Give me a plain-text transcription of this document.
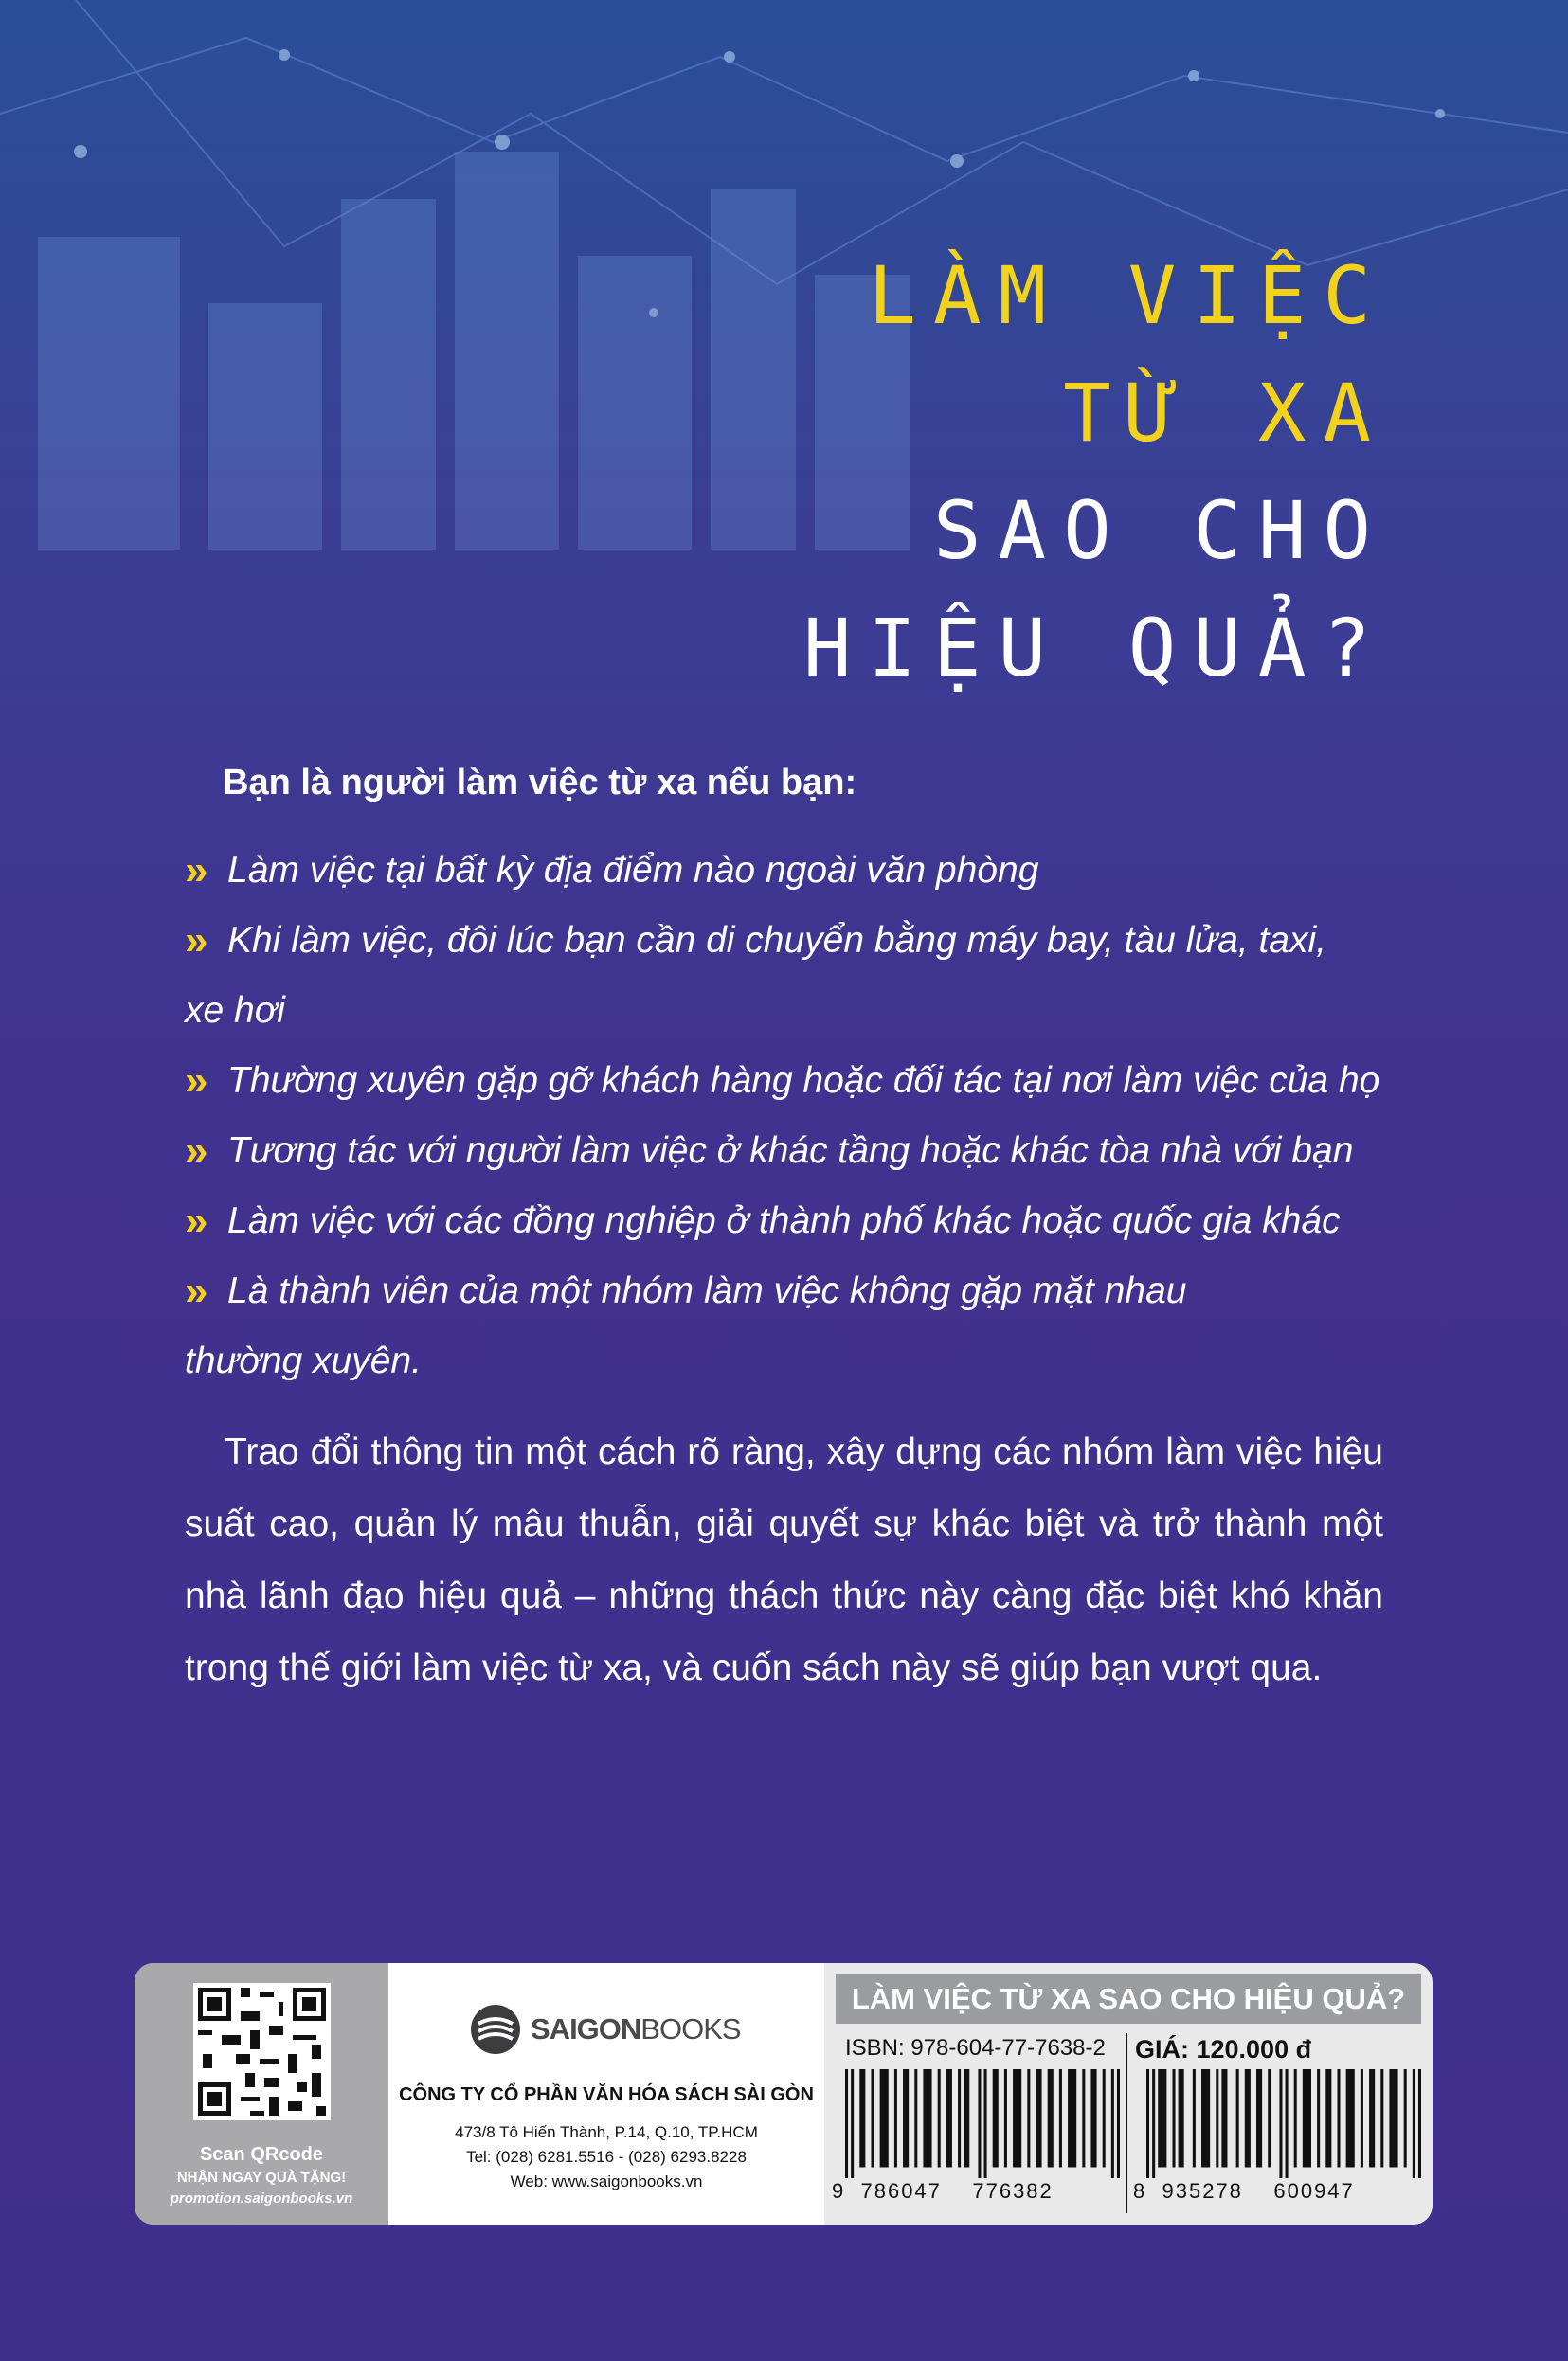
LÀM VIỆC
TỪ XA
SAO CHO
HIỆU QUẢ?
Bạn là người làm việc từ xa nếu bạn:
» Làm việc tại bất kỳ địa điểm nào ngoài văn phòng
» Khi làm việc, đôi lúc bạn cần di chuyển bằng máy bay, tàu lửa, taxi,
xe hơi
» Thường xuyên gặp gỡ khách hàng hoặc đối tác tại nơi làm việc của họ
» Tương tác với người làm việc ở khác tầng hoặc khác tòa nhà với bạn
» Làm việc với các đồng nghiệp ở thành phố khác hoặc quốc gia khác
» Là thành viên của một nhóm làm việc không gặp mặt nhau
thường xuyên.
Trao đổi thông tin một cách rõ ràng, xây dựng các nhóm làm việc hiệu suất cao, quản lý mâu thuẫn, giải quyết sự khác biệt và trở thành một nhà lãnh đạo hiệu quả – những thách thức này càng đặc biệt khó khăn trong thế giới làm việc từ xa, và cuốn sách này sẽ giúp bạn vượt qua.
Scan QRcode
NHẬN NGAY QUÀ TẶNG!
promotion.saigonbooks.vn
SAIGONBOOKS
CÔNG TY CỔ PHẦN VĂN HÓA SÁCH SÀI GÒN
473/8 Tô Hiến Thành, P.14, Q.10, TP.HCM
Tel: (028) 6281.5516 - (028) 6293.8228
Web: www.saigonbooks.vn
LÀM VIỆC TỪ XA SAO CHO HIỆU QUẢ?
ISBN: 978-604-77-7638-2 GIÁ: 120.000 đ
9 786047 776382	8 935278 600947
